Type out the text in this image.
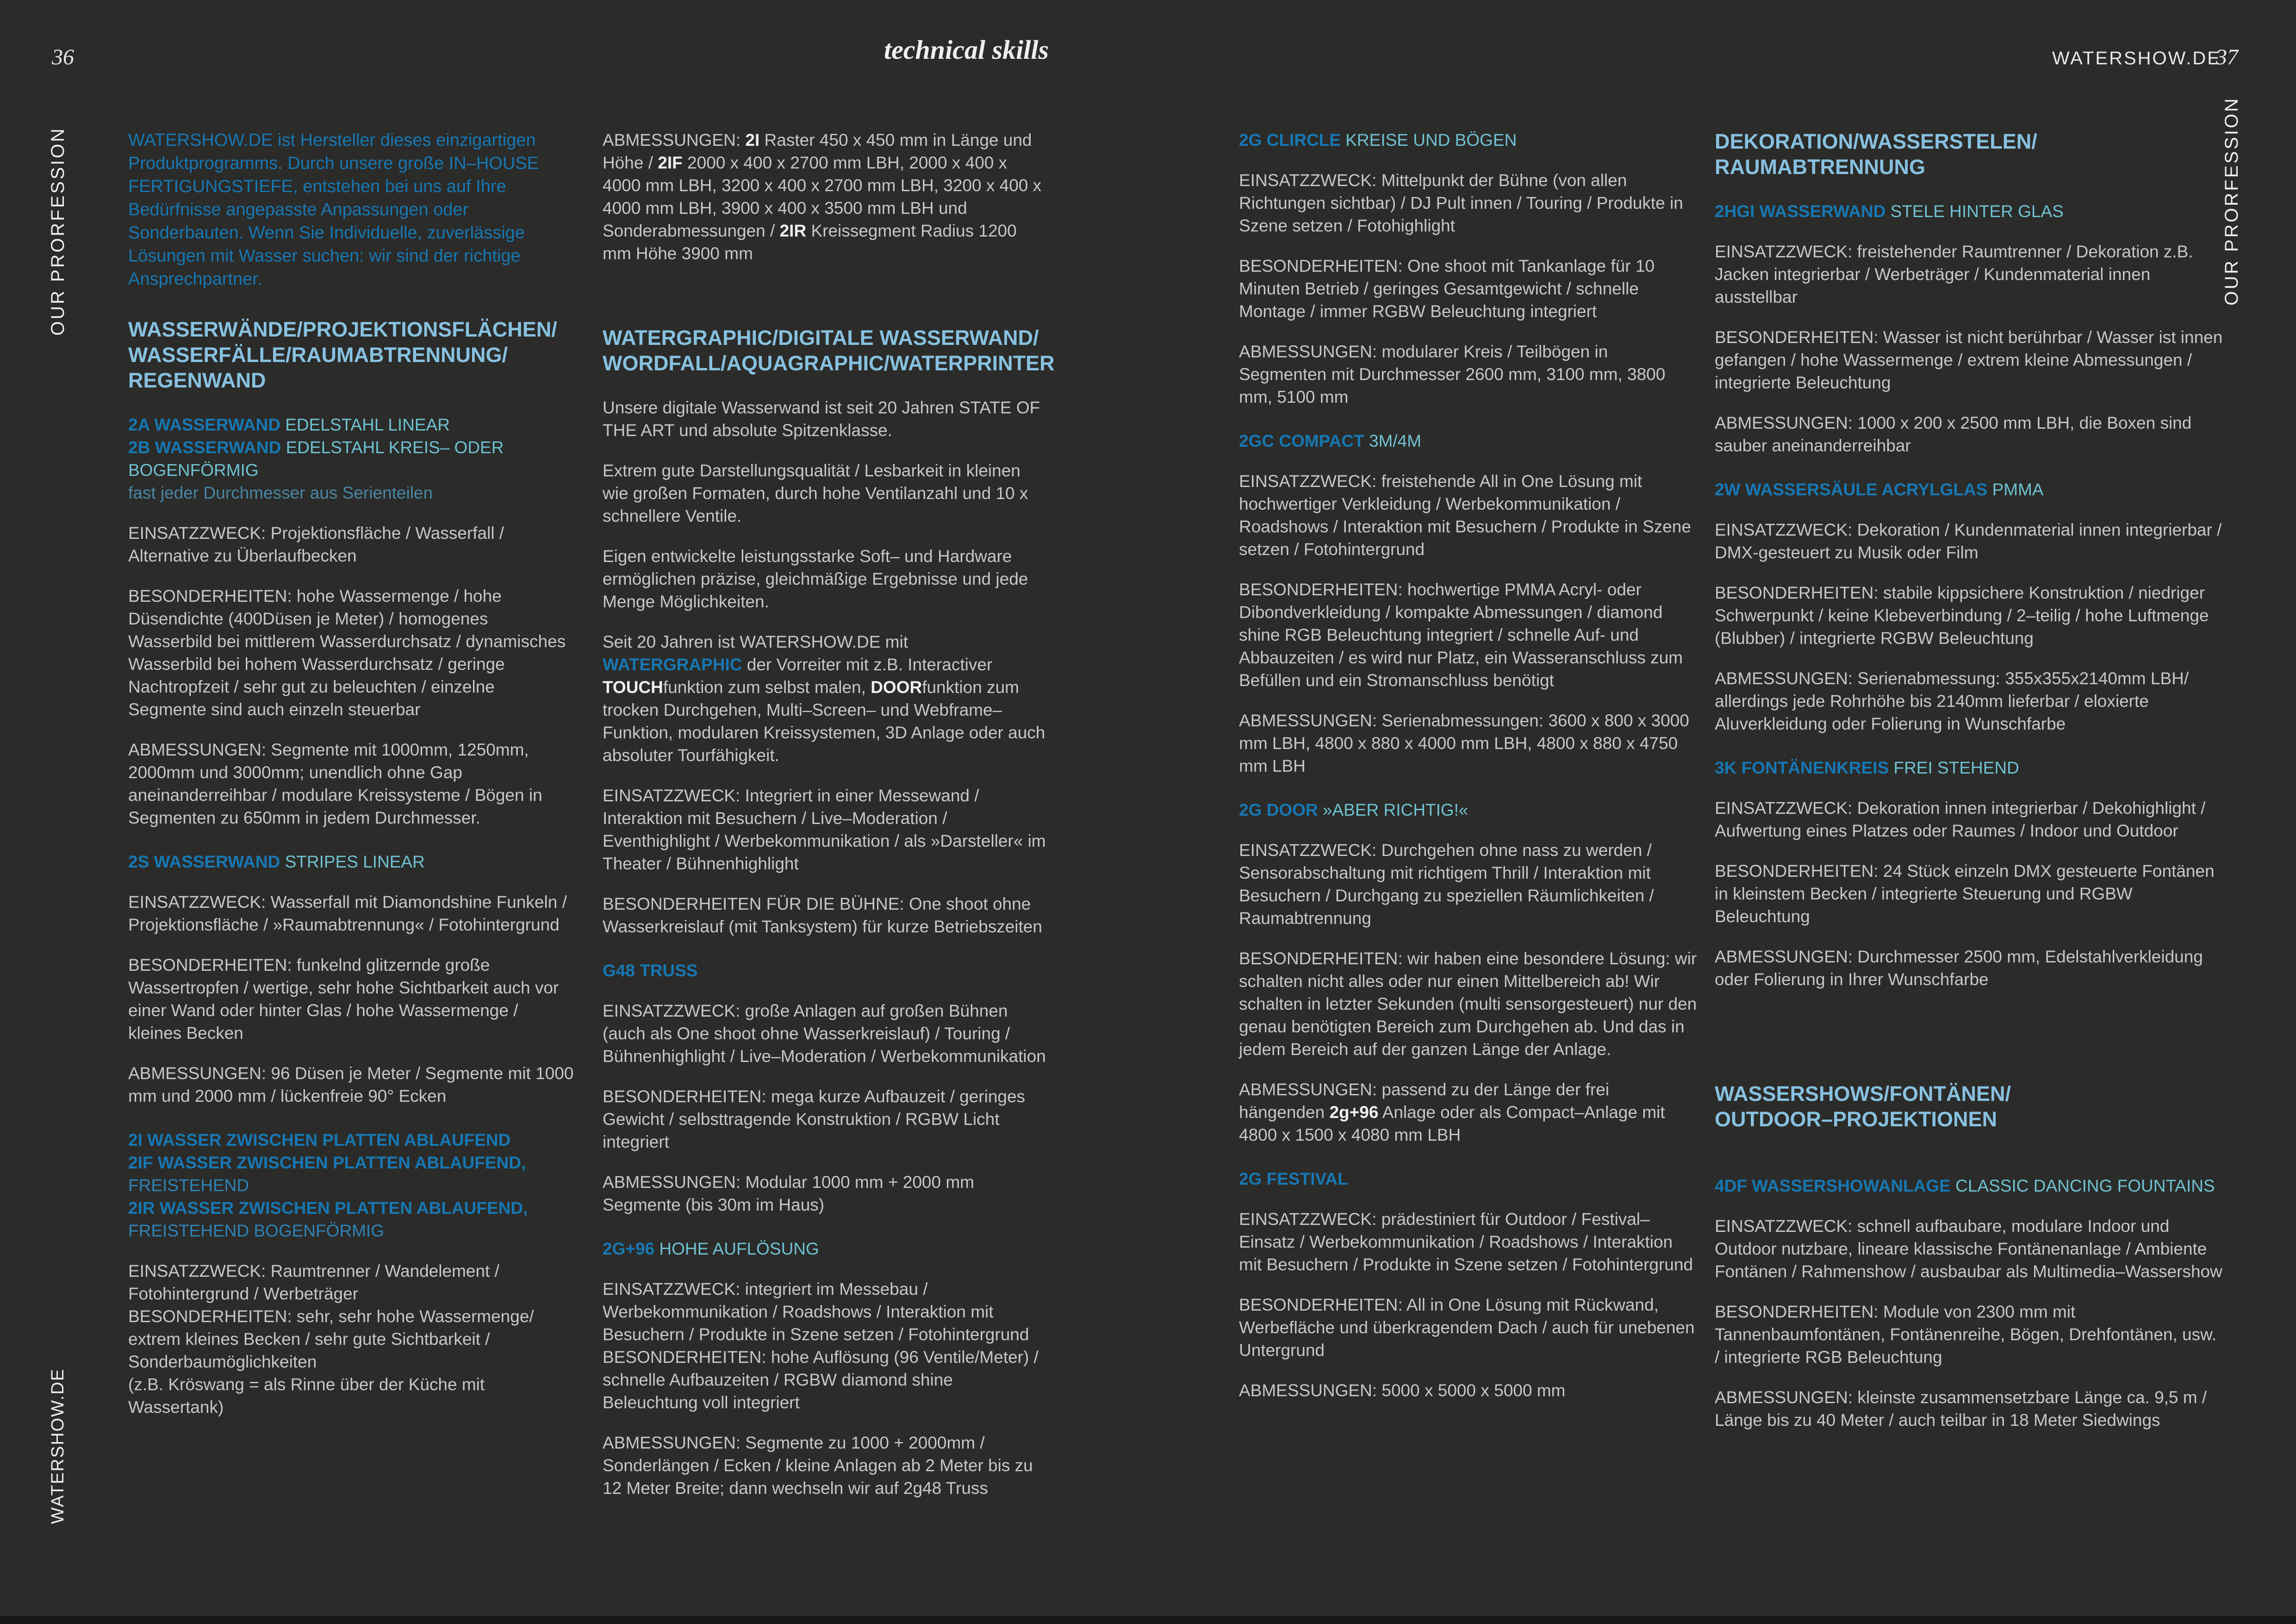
36	technical skills	WATERSHOW.DE
37
OUR PRORFESSION	OUR PRORFESSION
WATERSHOW.DE
WATERSHOW.DE ist Hersteller dieses einzigartigen Produktprogramms. Durch unsere große IN–HOUSE FERTIGUNGSTIEFE, entstehen bei uns auf Ihre Bedürfnisse angepasste Anpassungen oder Sonderbauten. Wenn Sie Individuelle, zuverlässige Lösungen mit Wasser suchen: wir sind der richtige Ansprechpartner.
WASSERWÄNDE/PROJEKTIONSFLÄCHEN/
WASSERFÄLLE/RAUMABTRENNUNG/
REGENWAND
2A WASSERWAND EDELSTAHL LINEAR
2B WASSERWAND EDELSTAHL KREIS– ODER
BOGENFÖRMIG
fast jeder Durchmesser aus Serienteilen
EINSATZZWECK: Projektionsfläche / Wasserfall / Alternative zu Überlaufbecken
BESONDERHEITEN: hohe Wassermenge / hohe Düsendichte (400Düsen je Meter) / homogenes Wasserbild bei mittlerem Wasserdurchsatz / dynamisches Wasserbild bei hohem Wasserdurchsatz / geringe Nachtropfzeit / sehr gut zu beleuchten / einzelne Segmente sind auch einzeln steuerbar
ABMESSUNGEN: Segmente mit 1000mm, 1250mm, 2000mm und 3000mm; unendlich ohne Gap aneinanderreihbar / modulare Kreissysteme / Bögen in Segmenten zu 650mm in jedem Durchmesser.
2S WASSERWAND STRIPES LINEAR
EINSATZZWECK: Wasserfall mit Diamondshine Funkeln / Projektionsfläche / »Raumabtrennung« / Fotohintergrund
BESONDERHEITEN: funkelnd glitzernde große Wassertropfen / wertige, sehr hohe Sichtbarkeit auch vor einer Wand oder hinter Glas / hohe Wassermenge / kleines Becken
ABMESSUNGEN: 96 Düsen je Meter / Segmente mit 1000 mm und 2000 mm / lückenfreie 90° Ecken
2I WASSER ZWISCHEN PLATTEN ABLAUFEND
2IF WASSER ZWISCHEN PLATTEN ABLAUFEND,
FREISTEHEND
2IR WASSER ZWISCHEN PLATTEN ABLAUFEND,
FREISTEHEND BOGENFÖRMIG
EINSATZZWECK: Raumtrenner / Wandelement / Fotohintergrund / Werbeträger
BESONDERHEITEN: sehr, sehr hohe Wassermenge/ extrem kleines Becken / sehr gute Sichtbarkeit / Sonderbaumöglichkeiten
(z.B. Kröswang = als Rinne über der Küche mit Wassertank)
ABMESSUNGEN: 2I Raster 450 x 450 mm in Länge und Höhe / 2IF 2000 x 400 x 2700 mm LBH, 2000 x 400 x 4000 mm LBH, 3200 x 400 x 2700 mm LBH, 3200 x 400 x 4000 mm LBH, 3900 x 400 x 3500 mm LBH und Sonderabmessungen / 2IR Kreissegment Radius 1200 mm Höhe 3900 mm
WATERGRAPHIC/DIGITALE WASSERWAND/
WORDFALL/AQUAGRAPHIC/WATERPRINTER
Unsere digitale Wasserwand ist seit 20 Jahren STATE OF THE ART und absolute Spitzenklasse.
Extrem gute Darstellungsqualität / Lesbarkeit in kleinen wie großen Formaten, durch hohe Ventilanzahl und 10 x schnellere Ventile.
Eigen entwickelte leistungsstarke Soft– und Hardware ermöglichen präzise, gleichmäßige Ergebnisse und jede Menge Möglichkeiten.
Seit 20 Jahren ist WATERSHOW.DE mit WATERGRAPHIC der Vorreiter mit z.B. Interactiver TOUCHfunktion zum selbst malen, DOORfunktion zum trocken Durchgehen, Multi–Screen– und Webframe–Funktion, modularen Kreissystemen, 3D Anlage oder auch absoluter Tourfähigkeit.
EINSATZZWECK: Integriert in einer Messewand / Interaktion mit Besuchern / Live–Moderation / Eventhighlight / Werbekommunikation / als »Darsteller« im Theater / Bühnenhighlight
BESONDERHEITEN FÜR DIE BÜHNE: One shoot ohne Wasserkreislauf (mit Tanksystem) für kurze Betriebszeiten
G48 TRUSS
EINSATZZWECK: große Anlagen auf großen Bühnen (auch als One shoot ohne Wasserkreislauf) / Touring / Bühnenhighlight / Live–Moderation / Werbekommunikation
BESONDERHEITEN: mega kurze Aufbauzeit / geringes Gewicht / selbsttragende Konstruktion / RGBW Licht integriert
ABMESSUNGEN: Modular 1000 mm + 2000 mm Segmente (bis 30m im Haus)
2G+96 HOHE AUFLÖSUNG
EINSATZZWECK: integriert im Messebau / Werbekommunikation / Roadshows / Interaktion mit Besuchern / Produkte in Szene setzen / Fotohintergrund
BESONDERHEITEN: hohe Auflösung (96 Ventile/Meter) / schnelle Aufbauzeiten / RGBW diamond shine Beleuchtung voll integriert
ABMESSUNGEN: Segmente zu 1000 + 2000mm / Sonderlängen / Ecken / kleine Anlagen ab 2 Meter bis zu 12 Meter Breite; dann wechseln wir auf 2g48 Truss
2G CLIRCLE KREISE UND BÖGEN
EINSATZZWECK: Mittelpunkt der Bühne (von allen Richtungen sichtbar) / DJ Pult innen / Touring / Produkte in Szene setzen / Fotohighlight
BESONDERHEITEN: One shoot mit Tankanlage für 10 Minuten Betrieb / geringes Gesamtgewicht / schnelle Montage / immer RGBW Beleuchtung integriert
ABMESSUNGEN: modularer Kreis / Teilbögen in Segmenten mit Durchmesser 2600 mm, 3100 mm, 3800 mm, 5100 mm
2GC COMPACT 3M/4M
EINSATZZWECK: freistehende All in One Lösung mit hochwertiger Verkleidung / Werbekommunikation / Roadshows / Interaktion mit Besuchern / Produkte in Szene setzen / Fotohintergrund
BESONDERHEITEN: hochwertige PMMA Acryl- oder Dibondverkleidung / kompakte Abmessungen / diamond shine RGB Beleuchtung integriert / schnelle Auf- und Abbauzeiten / es wird nur Platz, ein Wasseranschluss zum Befüllen und ein Stromanschluss benötigt
ABMESSUNGEN: Serienabmessungen: 3600 x 800 x 3000 mm LBH, 4800 x 880 x 4000 mm LBH, 4800 x 880 x 4750 mm LBH
2G DOOR »ABER RICHTIG!«
EINSATZZWECK: Durchgehen ohne nass zu werden / Sensorabschaltung mit richtigem Thrill / Interaktion mit Besuchern / Durchgang zu speziellen Räumlichkeiten / Raumabtrennung
BESONDERHEITEN: wir haben eine besondere Lösung: wir schalten nicht alles oder nur einen Mittelbereich ab! Wir schalten in letzter Sekunden (multi sensorgesteuert) nur den genau benötigten Bereich zum Durchgehen ab. Und das in jedem Bereich auf der ganzen Länge der Anlage.
ABMESSUNGEN: passend zu der Länge der frei hängenden 2g+96 Anlage oder als Compact–Anlage mit 4800 x 1500 x 4080 mm LBH
2G FESTIVAL
EINSATZZWECK: prädestiniert für Outdoor / Festival–Einsatz / Werbekommunikation / Roadshows / Interaktion mit Besuchern / Produkte in Szene setzen / Fotohintergrund
BESONDERHEITEN: All in One Lösung mit Rückwand, Werbefläche und überkragendem Dach / auch für unebenen Untergrund
ABMESSUNGEN: 5000 x 5000 x 5000 mm
DEKORATION/WASSERSTELEN/
RAUMABTRENNUNG
2HGI WASSERWAND STELE HINTER GLAS
EINSATZZWECK: freistehender Raumtrenner / Dekoration z.B. Jacken integrierbar / Werbeträger / Kundenmaterial innen ausstellbar
BESONDERHEITEN: Wasser ist nicht berührbar / Wasser ist innen gefangen / hohe Wassermenge / extrem kleine Abmessungen / integrierte Beleuchtung
ABMESSUNGEN: 1000 x 200 x 2500 mm LBH, die Boxen sind sauber aneinanderreihbar
2W WASSERSÄULE ACRYLGLAS PMMA
EINSATZZWECK: Dekoration / Kundenmaterial innen integrierbar / DMX-gesteuert zu Musik oder Film
BESONDERHEITEN: stabile kippsichere Konstruktion / niedriger Schwerpunkt / keine Klebeverbindung / 2–teilig / hohe Luftmenge (Blubber) / integrierte RGBW Beleuchtung
ABMESSUNGEN: Serienabmessung: 355x355x2140mm LBH/ allerdings jede Rohrhöhe bis 2140mm lieferbar / eloxierte Aluverkleidung oder Folierung in Wunschfarbe
3K FONTÄNENKREIS FREI STEHEND
EINSATZZWECK: Dekoration innen integrierbar / Dekohighlight / Aufwertung eines Platzes oder Raumes / Indoor und Outdoor
BESONDERHEITEN: 24 Stück einzeln DMX gesteuerte Fontänen in kleinstem Becken / integrierte Steuerung und RGBW Beleuchtung
ABMESSUNGEN: Durchmesser 2500 mm, Edelstahlverkleidung oder Folierung in Ihrer Wunschfarbe
WASSERSHOWS/FONTÄNEN/
OUTDOOR–PROJEKTIONEN
4DF WASSERSHOWANLAGE CLASSIC DANCING FOUNTAINS
EINSATZZWECK: schnell aufbaubare, modulare Indoor und Outdoor nutzbare, lineare klassische Fontänenanlage / Ambiente Fontänen / Rahmenshow / ausbaubar als Multimedia–Wassershow
BESONDERHEITEN: Module von 2300 mm mit Tannenbaumfontänen, Fontänenreihe, Bögen, Drehfontänen, usw. / integrierte RGB Beleuchtung
ABMESSUNGEN: kleinste zusammensetzbare Länge ca. 9,5 m / Länge bis zu 40 Meter / auch teilbar in 18 Meter Siedwings
